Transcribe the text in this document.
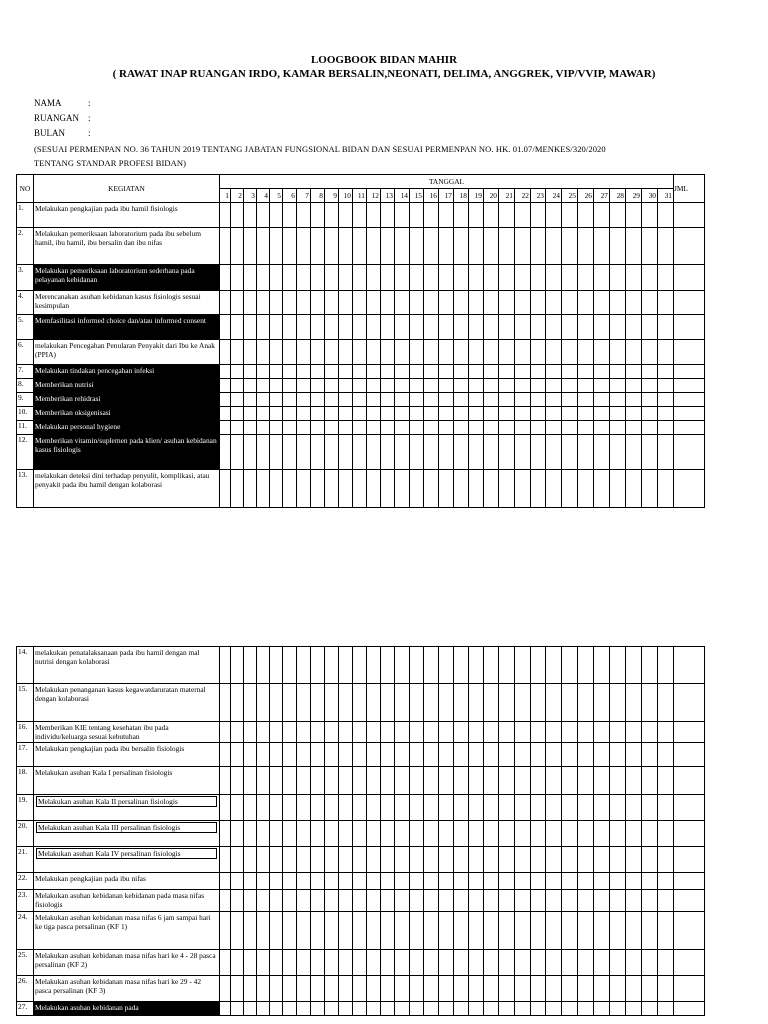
LOOGBOOK BIDAN MAHIR
( RAWAT INAP RUANGAN IRDO, KAMAR BERSALIN,NEONATI, DELIMA, ANGGREK, VIP/VVIP, MAWAR)
NAMA	:
RUANGAN :
BULAN	:
(SESUAI PERMENPAN NO. 36 TAHUN 2019 TENTANG JABATAN FUNGSIONAL BIDAN DAN SESUAI PERMENPAN NO. HK. 01.07/MENKES/320/2020
TENTANG STANDAR PROFESI BIDAN)
NO	KEGIATAN	TANGGAL																															JML
		1	2	3	4	5	6	7	8	9	10	11	12	13	14	15	16	17	18	19	20	21	22	23	24	25	26	27	28	29	30	31	
1.	Melakukan pengkajian pada ibu hamil fisiologis																																
2.	Melakukan pemeriksaan laboratorium pada ibu sebelum hamil, ibu hamil, ibu bersalin dan ibu nifas																																
3.	Melakukan pemeriksaan laboratorium sederhana pada pelayanan kebidanan																																
4.	Merencanakan asuhan kebidanan kasus fisiologis sesuai kesimpulan																																
5.	Memfasilitasi informed choice dan/atau informed consent																																
6.	melakukan Pencegahan Penularan Penyakit dari Ibu ke Anak (PPIA)																																
7.	Melakukan tindakan pencegahan infeksi																																
8.	Memberikan nutrisi																																
9.	Memberikan rehidrasi																																
10.	Memberikan oksigenisasi																																
11.	Melakukan personal hygiene																																
12.	Memberikan vitamin/suplemen pada klien/ asuhan kebidanan kasus fisiologis																																
13.	melakukan deteksi dini terhadap penyulit, komplikasi, atau penyakit pada ibu hamil dengan kolaborasi																																
14.	melakukan penatalaksanaan pada ibu hamil dengan mal nutrisi dengan kolaborasi																																
15.	Melakukan penanganan kasus kegawatdaruratan maternal dengan kolaborasi																																
16.	Memberikan KIE tentang kesehatan ibu pada individu/keluarga sesuai kebutuhan																																
17.	Melakukan pengkajian pada ibu bersalin fisiologis																																
18.	Melakukan asuhan Kala I persalinan fisiologis																																
19.	Melakukan asuhan Kala II persalinan fisiologis																																

20.	Melakukan asuhan Kala III persalinan fisiologis																																

21.	Melakukan asuhan Kala IV persalinan fisiologis																																

22.	Melakukan pengkajian pada ibu nifas																																
23.	Melakukan asuhan kebidanan kebidanan pada masa nifas fisiologis																																
24.	Melakukan asuhan kebidanan masa nifas 6 jam sampai hari ke tiga pasca persalinan (KF 1)																																
25.	Melakukan asuhan kebidanan masa nifas hari ke 4 - 28 pasca persalinan (KF 2)																																
26.	Melakukan asuhan kebidanan masa nifas hari ke 29 - 42 pasca persalinan (KF 3)																																
27.	Melakukan asuhan kebidanan pada																																
